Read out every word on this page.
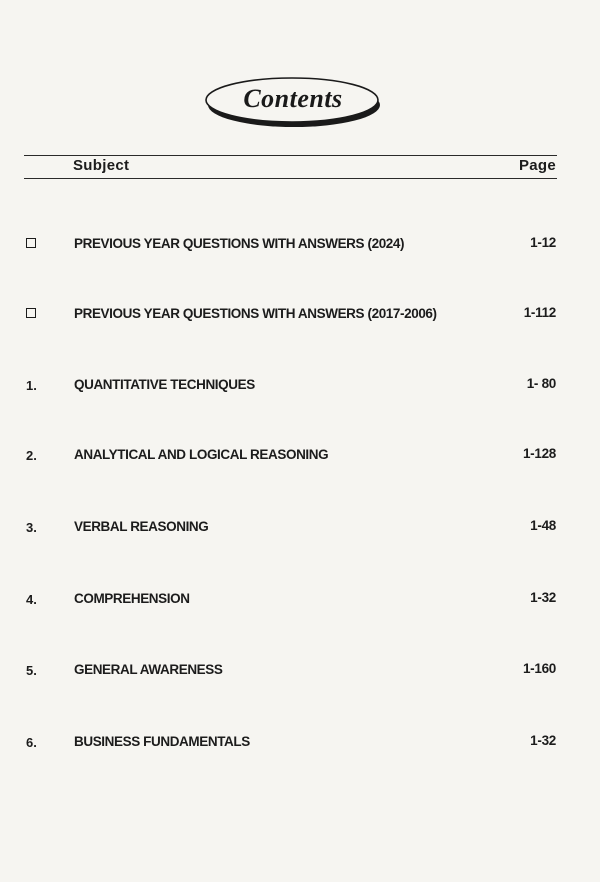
Contents
Subject	Page
PREVIOUS YEAR QUESTIONS WITH ANSWERS (2024)	1-12
PREVIOUS YEAR QUESTIONS WITH ANSWERS (2017-2006)	1-112
1.	QUANTITATIVE TECHNIQUES	1- 80
2.	ANALYTICAL AND LOGICAL REASONING	1-128
3.	VERBAL REASONING	1-48
4.	COMPREHENSION	1-32
5.	GENERAL AWARENESS	1-160
6.	BUSINESS FUNDAMENTALS	1-32
